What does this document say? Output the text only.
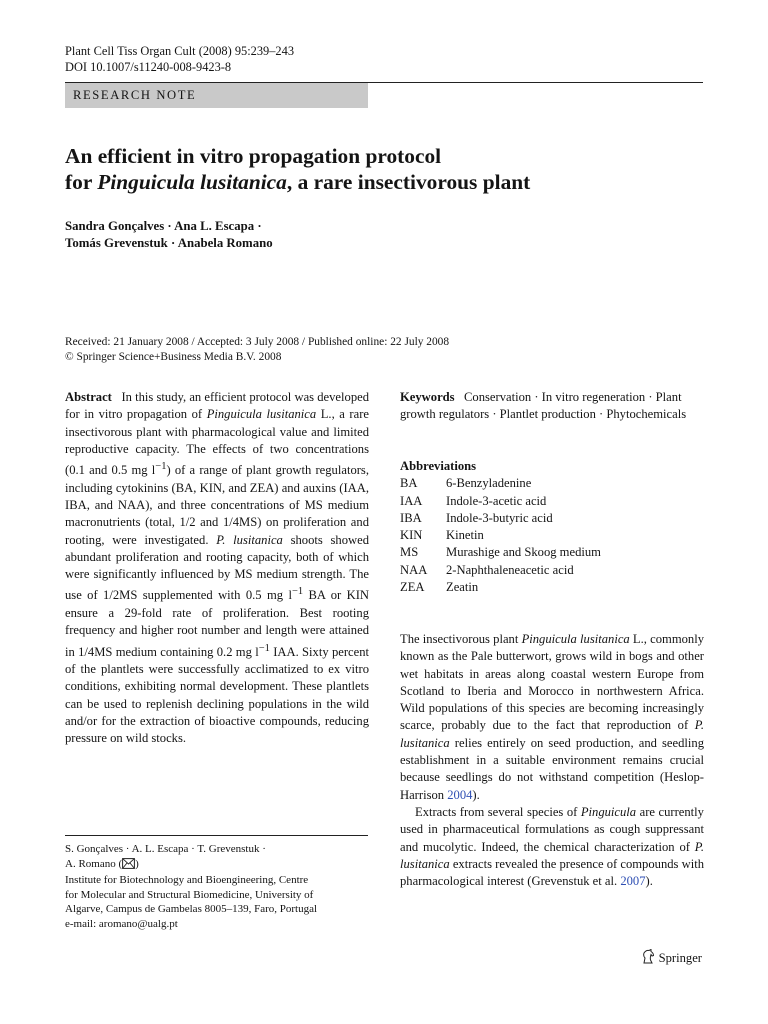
Plant Cell Tiss Organ Cult (2008) 95:239–243
DOI 10.1007/s11240-008-9423-8
RESEARCH NOTE
An efficient in vitro propagation protocol
for Pinguicula lusitanica, a rare insectivorous plant
Sandra Gonçalves · Ana L. Escapa ·
Tomás Grevenstuk · Anabela Romano
Received: 21 January 2008 / Accepted: 3 July 2008 / Published online: 22 July 2008
© Springer Science+Business Media B.V. 2008

Abstract In this study, an efficient protocol was developed for in vitro propagation of Pinguicula lusitanica L., a rare insectivorous plant with pharmacological value and limited reproductive capacity. The effects of two concentrations (0.1 and 0.5 mg $l^{-1}$) of a range of plant growth regulators, including cytokinins (BA, KIN, and ZEA) and auxins (IAA, IBA, and NAA), and three concentrations of MS medium macronutrients (total, 1/2 and 1/4MS) on proliferation and rooting, were investigated. P. lusitanica shoots showed abundant proliferation and rooting capacity, both of which were significantly influenced by MS medium strength. The use of 1/2MS supplemented with 0.5 mg $l^{-1}$ BA or KIN ensure a 29-fold rate of proliferation. Best rooting frequency and higher root number and length were attained in 1/4MS medium containing 0.2 mg $l^{-1}$ IAA. Sixty percent of the plantlets were successfully acclimatized to ex vitro conditions, exhibiting normal development. These plantlets can be used to replenish declining populations in the wild and/or for the extraction of bioactive compounds, reducing pressure on wild stocks.

Keywords Conservation · In vitro regeneration · Plant growth regulators · Plantlet production · Phytochemicals

Abbreviations
BA	6-Benzyladenine
IAA	Indole-3-acetic acid
IBA	Indole-3-butyric acid
KIN	Kinetin
MS	Murashige and Skoog medium
NAA	2-Naphthaleneacetic acid
ZEA	Zeatin

The insectivorous plant Pinguicula lusitanica L., commonly known as the Pale butterwort, grows wild in bogs and other wet habitats in areas along coastal western Europe from Scotland to Iberia and Morocco in northwestern Africa. Wild populations of this species are becoming increasingly scarce, probably due to the fact that reproduction of P. lusitanica relies entirely on seed production, and seedling establishment in a suitable environment remains crucial because seedlings do not withstand competition (Heslop-Harrison 2004).

Extracts from several species of Pinguicula are currently used in pharmaceutical formulations as cough suppressant and mucolytic. Indeed, the chemical characterization of P. lusitanica extracts revealed the presence of compounds with pharmacological interest (Grevenstuk et al. 2007).

S. Gonçalves · A. L. Escapa · T. Grevenstuk ·
A. Romano ( )
Institute for Biotechnology and Bioengineering, Centre
for Molecular and Structural Biomedicine, University of
Algarve, Campus de Gambelas 8005–139, Faro, Portugal
e-mail: aromano@ualg.pt
Springer
